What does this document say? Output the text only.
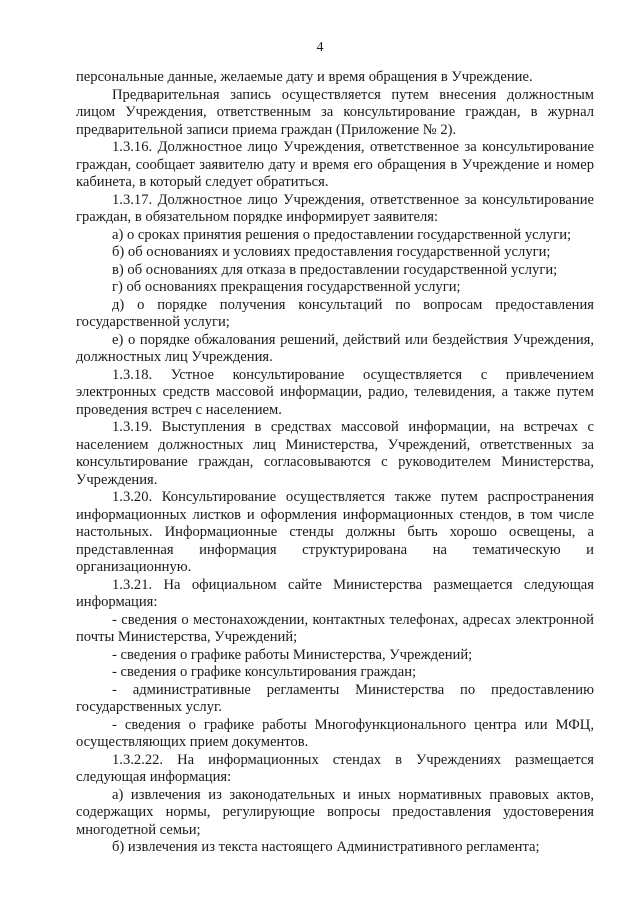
4

персональные данные, желаемые дату и время обращения в Учреждение.

Предварительная запись осуществляется путем внесения должностным лицом Учреждения, ответственным за консультирование граждан, в журнал предварительной записи приема граждан (Приложение № 2).

1.3.16. Должностное лицо Учреждения, ответственное за консультирование граждан, сообщает заявителю дату и время его обращения в Учреждение и номер кабинета, в который следует обратиться.

1.3.17. Должностное лицо Учреждения, ответственное за консультирование граждан, в обязательном порядке информирует заявителя:

а) о сроках принятия решения о предоставлении государственной услуги;

б) об основаниях и условиях предоставления государственной услуги;

в) об основаниях для отказа в предоставлении государственной услуги;

г) об основаниях прекращения государственной услуги;

д) о порядке получения консультаций по вопросам предоставления государственной услуги;

е) о порядке обжалования решений, действий или бездействия Учреждения, должностных лиц Учреждения.

1.3.18. Устное консультирование осуществляется с привлечением электронных средств массовой информации, радио, телевидения, а также путем проведения встреч с населением.

1.3.19. Выступления в средствах массовой информации, на встречах с населением должностных лиц Министерства, Учреждений, ответственных за консультирование граждан, согласовываются с руководителем Министерства, Учреждения.

1.3.20. Консультирование осуществляется также путем распространения информационных листков и оформления информационных стендов, в том числе настольных. Информационные стенды должны быть хорошо освещены, а представленная информация структурирована на тематическую и организационную.

1.3.21. На официальном сайте Министерства размещается следующая информация:

- сведения о местонахождении, контактных телефонах, адресах электронной почты Министерства, Учреждений;

- сведения о графике работы Министерства, Учреждений;

- сведения о графике консультирования граждан;

- административные регламенты Министерства по предоставлению государственных услуг.

- сведения о графике работы Многофункционального центра или МФЦ, осуществляющих прием документов.

1.3.2.22. На информационных стендах в Учреждениях размещается следующая информация:

а) извлечения из законодательных и иных нормативных правовых актов, содержащих нормы, регулирующие вопросы предоставления удостоверения многодетной семьи;

б) извлечения из текста настоящего Административного регламента;
